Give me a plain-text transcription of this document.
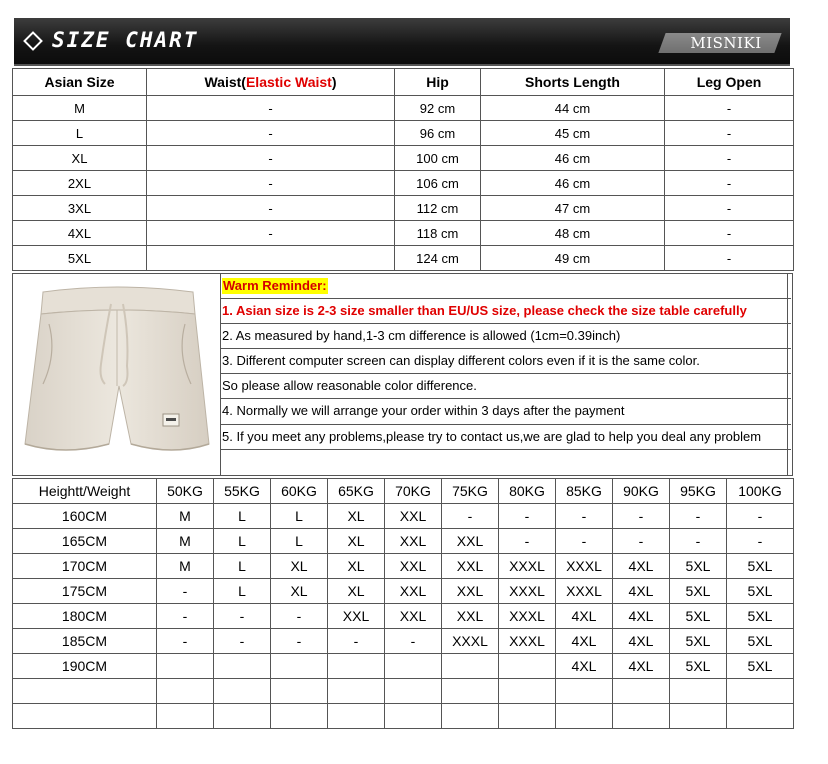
SIZE CHART	MISNIKI
Asian Size	Waist(Elastic Waist)	Hip	Shorts Length	Leg Open
M	-	92 cm	44 cm	-
L	-	96 cm	45 cm	-
XL	-	100 cm	46 cm	-
2XL	-	106 cm	46 cm	-
3XL	-	112 cm	47 cm	-
4XL	-	118 cm	48 cm	-
5XL		124 cm	49 cm	-
Warm Reminder:
1. Asian size is 2-3 size smaller than EU/US size, please check the size table carefully
2. As measured by hand,1-3 cm difference is allowed (1cm=0.39inch)
3. Different computer screen can display different colors even if it is the same color.
So please allow reasonable color difference.
4. Normally we will arrange your order within 3 days after the payment
5. If you meet any problems,please try to contact us,we are glad to help you deal any problem
Heightt/Weight	50KG	55KG	60KG	65KG	70KG	75KG	80KG	85KG	90KG	95KG	100KG
160CM	M	L	L	XL	XXL	-	-	-	-	-	-
165CM	M	L	L	XL	XXL	XXL	-	-	-	-	-
170CM	M	L	XL	XL	XXL	XXL	XXXL	XXXL	4XL	5XL	5XL
175CM	-	L	XL	XL	XXL	XXL	XXXL	XXXL	4XL	5XL	5XL
180CM	-	-	-	XXL	XXL	XXL	XXXL	4XL	4XL	5XL	5XL
185CM	-	-	-	-	-	XXXL	XXXL	4XL	4XL	5XL	5XL
190CM								4XL	4XL	5XL	5XL
